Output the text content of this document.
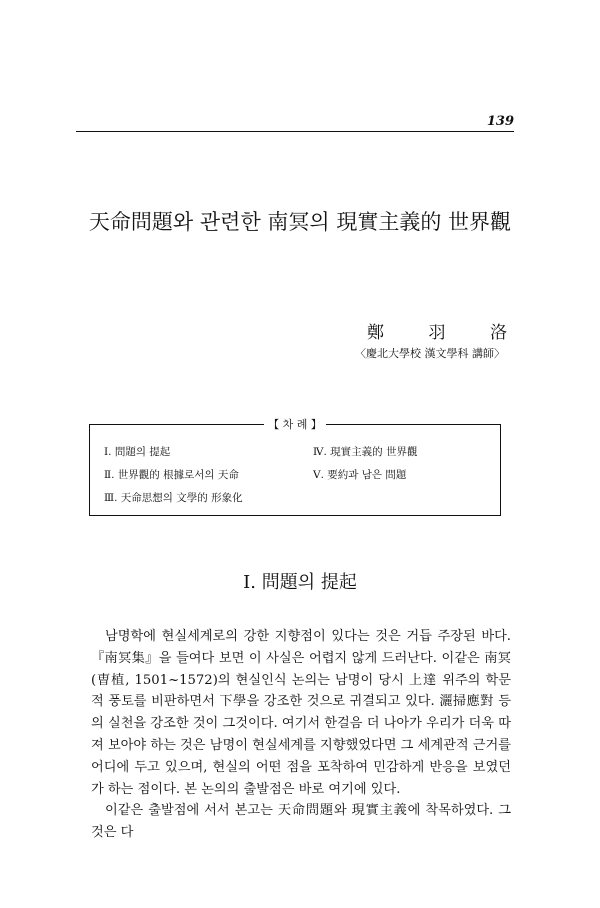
139
天命問題와 관련한 南冥의 現實主義的 世界觀
鄭	羽	洛
〈慶北大學校 漢文學科 講師〉
【 차 례 】
Ⅰ. 問題의 提起
Ⅱ. 世界觀的 根據로서의 天命
Ⅲ. 天命思想의 文學的 形象化
Ⅳ. 現實主義的 世界觀
Ⅴ. 要約과 남은 問題
Ⅰ. 問題의 提起

남명학에 현실세계로의 강한 지향점이 있다는 것은 거듭 주장된 바다. 『南冥集』을 들여다 보면 이 사실은 어렵지 않게 드러난다. 이같은 南冥(曺植, 1501~1572)의 현실인식 논의는 남명이 당시 上達 위주의 학문적 풍토를 비판하면서 下學을 강조한 것으로 귀결되고 있다. 灑掃應對 등의 실천을 강조한 것이 그것이다. 여기서 한걸음 더 나아가 우리가 더욱 따져 보아야 하는 것은 남명이 현실세계를 지향했었다면 그 세계관적 근거를 어디에 두고 있으며, 현실의 어떤 점을 포착하여 민감하게 반응을 보였던가 하는 점이다. 본 논의의 출발점은 바로 여기에 있다.

이같은 출발점에 서서 본고는 天命問題와 現實主義에 착목하였다. 그것은 다
